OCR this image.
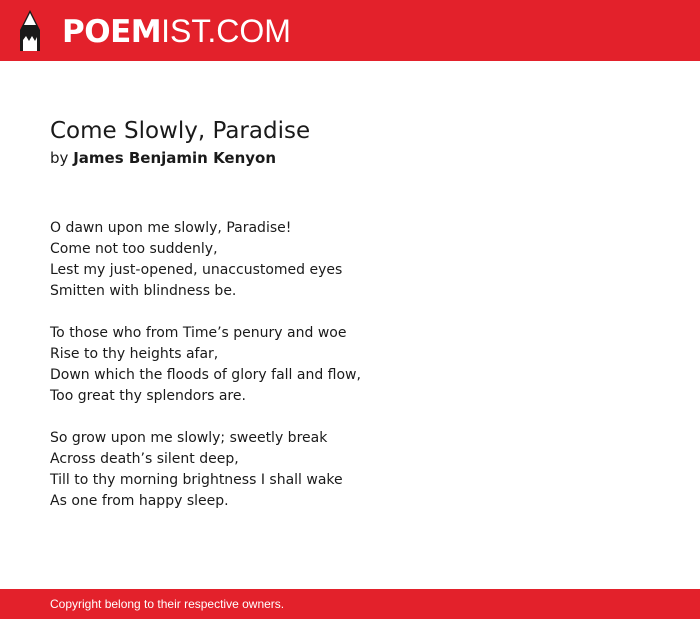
POEMIST.COM
Come Slowly, Paradise

by James Benjamin Kenyon

O dawn upon me slowly, Paradise!
Come not too suddenly,
Lest my just-opened, unaccustomed eyes
Smitten with blindness be.
To those who from Time’s penury and woe
Rise to thy heights afar,
Down which the floods of glory fall and flow,
Too great thy splendors are.
So grow upon me slowly; sweetly break
Across death’s silent deep,
Till to thy morning brightness I shall wake
As one from happy sleep.
Copyright belong to their respective owners.
